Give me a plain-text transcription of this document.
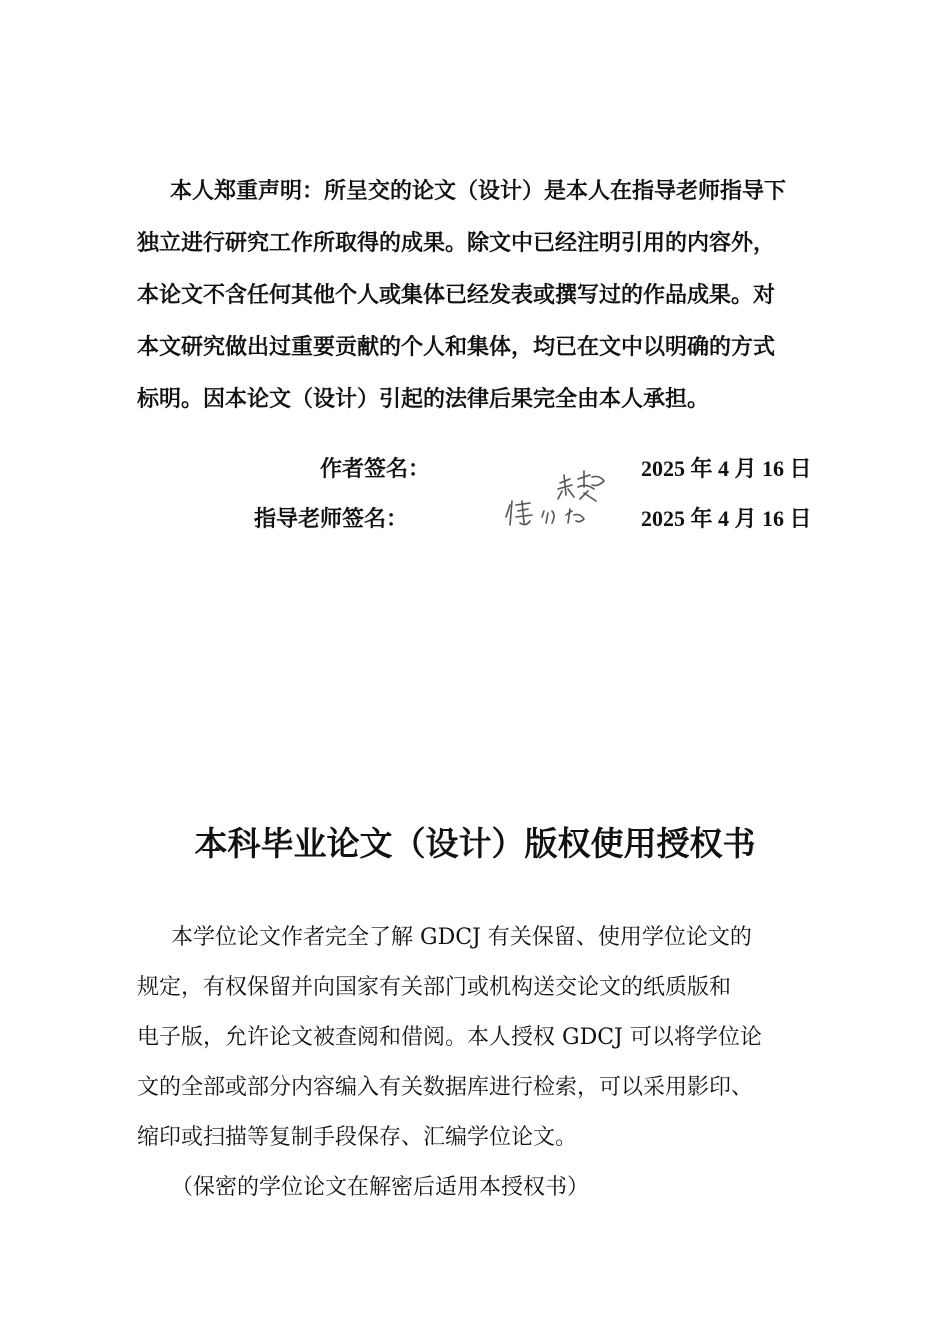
本人郑重声明：所呈交的论文（设计）是本人在指导老师指导下
独立进行研究工作所取得的成果。除文中已经注明引用的内容外，
本论文不含任何其他个人或集体已经发表或撰写过的作品成果。对
本文研究做出过重要贡献的个人和集体，均已在文中以明确的方式
标明。因本论文（设计）引起的法律后果完全由本人承担。
作者签名：	2025 年 4 月 16 日
指导老师签名：	2025 年 4 月 16 日
本科毕业论文（设计）版权使用授权书
本学位论文作者完全了解 GDCJ 有关保留、使用学位论文的
规定，有权保留并向国家有关部门或机构送交论文的纸质版和
电子版，允许论文被查阅和借阅。本人授权 GDCJ 可以将学位论
文的全部或部分内容编入有关数据库进行检索，可以采用影印、
缩印或扫描等复制手段保存、汇编学位论文。
（保密的学位论文在解密后适用本授权书）
